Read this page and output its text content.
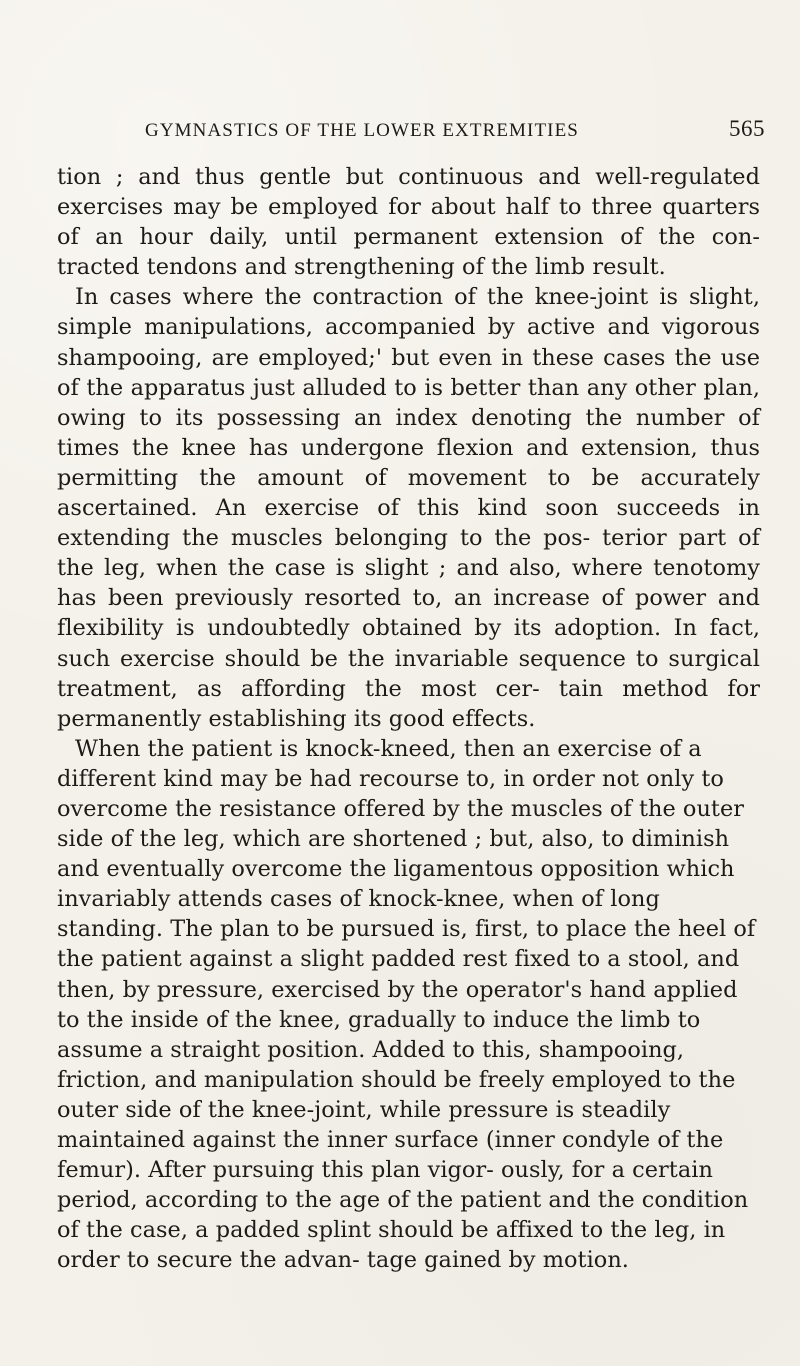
GYMNASTICS OF THE LOWER EXTREMITIES	565

tion ; and thus gentle but continuous and well-regulated exercises may be employed for about half to three quarters of an hour daily, until permanent extension of the con- tracted tendons and strengthening of the limb result.

In cases where the contraction of the knee-joint is slight, simple manipulations, accompanied by active and vigorous shampooing, are employed;' but even in these cases the use of the apparatus just alluded to is better than any other plan, owing to its possessing an index denoting the number of times the knee has undergone flexion and extension, thus permitting the amount of movement to be accurately ascertained. An exercise of this kind soon succeeds in extending the muscles belonging to the pos- terior part of the leg, when the case is slight ; and also, where tenotomy has been previously resorted to, an increase of power and flexibility is undoubtedly obtained by its adoption. In fact, such exercise should be the invariable sequence to surgical treatment, as affording the most cer- tain method for permanently establishing its good effects.

When the patient is knock-kneed, then an exercise of a different kind may be had recourse to, in order not only to overcome the resistance offered by the muscles of the outer side of the leg, which are shortened ; but, also, to diminish and eventually overcome the ligamentous opposition which invariably attends cases of knock-knee, when of long standing. The plan to be pursued is, first, to place the heel of the patient against a slight padded rest fixed to a stool, and then, by pressure, exercised by the operator's hand applied to the inside of the knee, gradually to induce the limb to assume a straight position. Added to this, shampooing, friction, and manipulation should be freely employed to the outer side of the knee-joint, while pressure is steadily maintained against the inner surface (inner condyle of the femur). After pursuing this plan vigor- ously, for a certain period, according to the age of the patient and the condition of the case, a padded splint should be affixed to the leg, in order to secure the advan- tage gained by motion.
